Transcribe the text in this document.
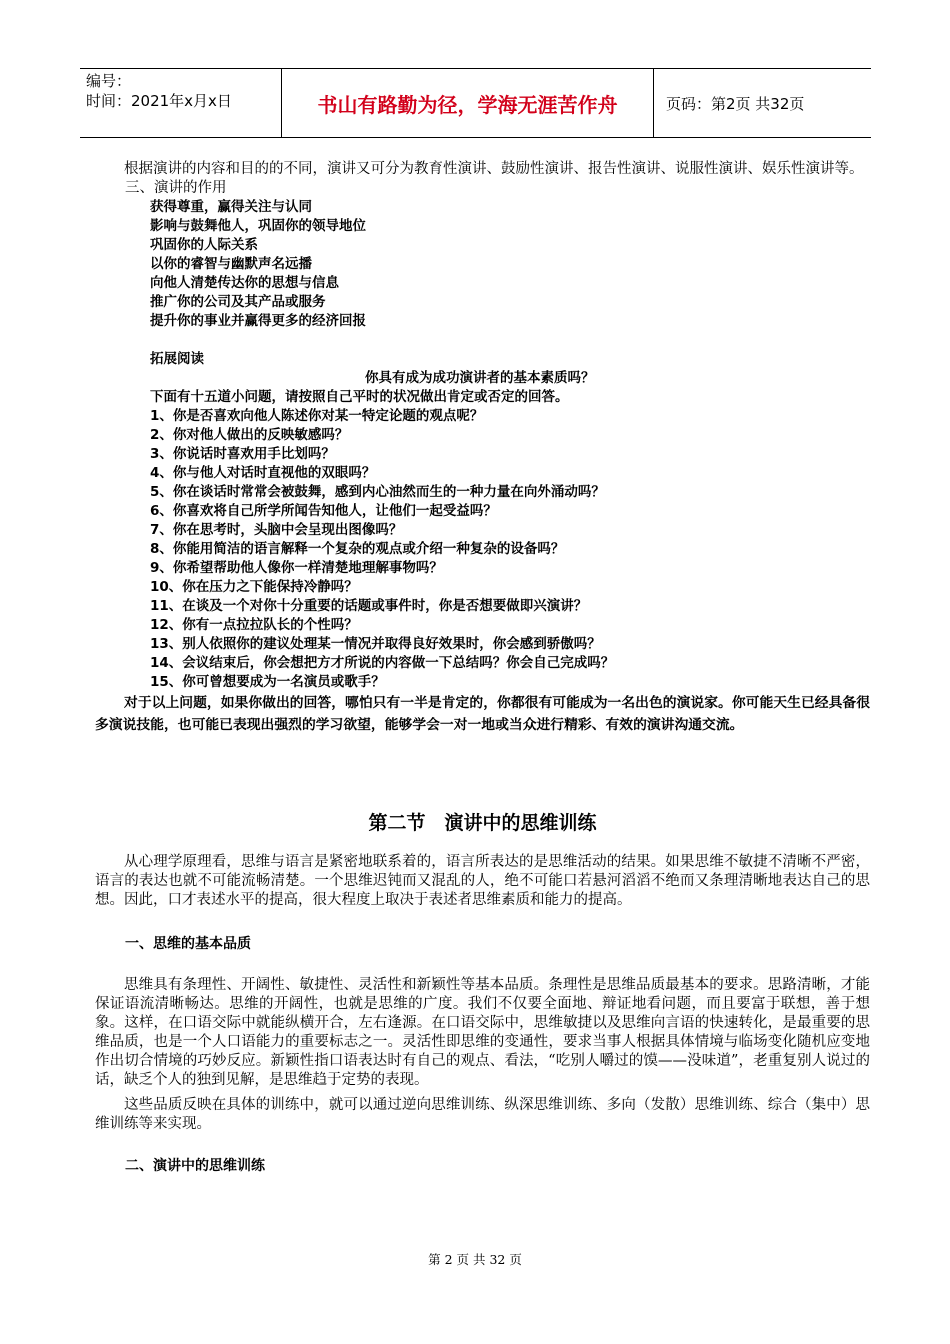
编号：
时间：2021年x月x日	书山有路勤为径，学海无涯苦作舟	页码：第2页 共32页

根据演讲的内容和目的的不同，演讲又可分为教育性演讲、鼓励性演讲、报告性演讲、说服性演讲、娱乐性演讲等。

三、演讲的作用

获得尊重，赢得关注与认同
影响与鼓舞他人，巩固你的领导地位
巩固你的人际关系
以你的睿智与幽默声名远播
向他人清楚传达你的思想与信息
推广你的公司及其产品或服务
提升你的事业并赢得更多的经济回报
拓展阅读
你具有成为成功演讲者的基本素质吗？
下面有十五道小问题，请按照自己平时的状况做出肯定或否定的回答。
1、你是否喜欢向他人陈述你对某一特定论题的观点呢？
2、你对他人做出的反映敏感吗？
3、你说话时喜欢用手比划吗？
4、你与他人对话时直视他的双眼吗？
5、你在谈话时常常会被鼓舞，感到内心油然而生的一种力量在向外涌动吗？
6、你喜欢将自己所学所闻告知他人，让他们一起受益吗？
7、你在思考时，头脑中会呈现出图像吗？
8、你能用简洁的语言解释一个复杂的观点或介绍一种复杂的设备吗？
9、你希望帮助他人像你一样清楚地理解事物吗？
10、你在压力之下能保持冷静吗？
11、在谈及一个对你十分重要的话题或事件时，你是否想要做即兴演讲？
12、你有一点拉拉队长的个性吗？
13、别人依照你的建议处理某一情况并取得良好效果时，你会感到骄傲吗？
14、会议结束后，你会想把方才所说的内容做一下总结吗？你会自己完成吗？
15、你可曾想要成为一名演员或歌手？

对于以上问题，如果你做出的回答，哪怕只有一半是肯定的，你都很有可能成为一名出色的演说家。你可能天生已经具备很多演说技能，也可能已表现出强烈的学习欲望，能够学会一对一地或当众进行精彩、有效的演讲沟通交流。

第二节　演讲中的思维训练

从心理学原理看，思维与语言是紧密地联系着的，语言所表达的是思维活动的结果。如果思维不敏捷不清晰不严密，语言的表达也就不可能流畅清楚。一个思维迟钝而又混乱的人，绝不可能口若悬河滔滔不绝而又条理清晰地表达自己的思想。因此，口才表述水平的提高，很大程度上取决于表述者思维素质和能力的提高。

一、思维的基本品质

思维具有条理性、开阔性、敏捷性、灵活性和新颖性等基本品质。条理性是思维品质最基本的要求。思路清晰，才能保证语流清晰畅达。思维的开阔性，也就是思维的广度。我们不仅要全面地、辩证地看问题，而且要富于联想，善于想象。这样，在口语交际中就能纵横开合，左右逢源。在口语交际中，思维敏捷以及思维向言语的快速转化，是最重要的思维品质，也是一个人口语能力的重要标志之一。灵活性即思维的变通性，要求当事人根据具体情境与临场变化随机应变地作出切合情境的巧妙反应。新颖性指口语表达时有自己的观点、看法，“吃别人嚼过的馍——没味道”，老重复别人说过的话，缺乏个人的独到见解，是思维趋于定势的表现。

这些品质反映在具体的训练中，就可以通过逆向思维训练、纵深思维训练、多向（发散）思维训练、综合（集中）思维训练等来实现。

二、演讲中的思维训练

第 2 页 共 32 页
